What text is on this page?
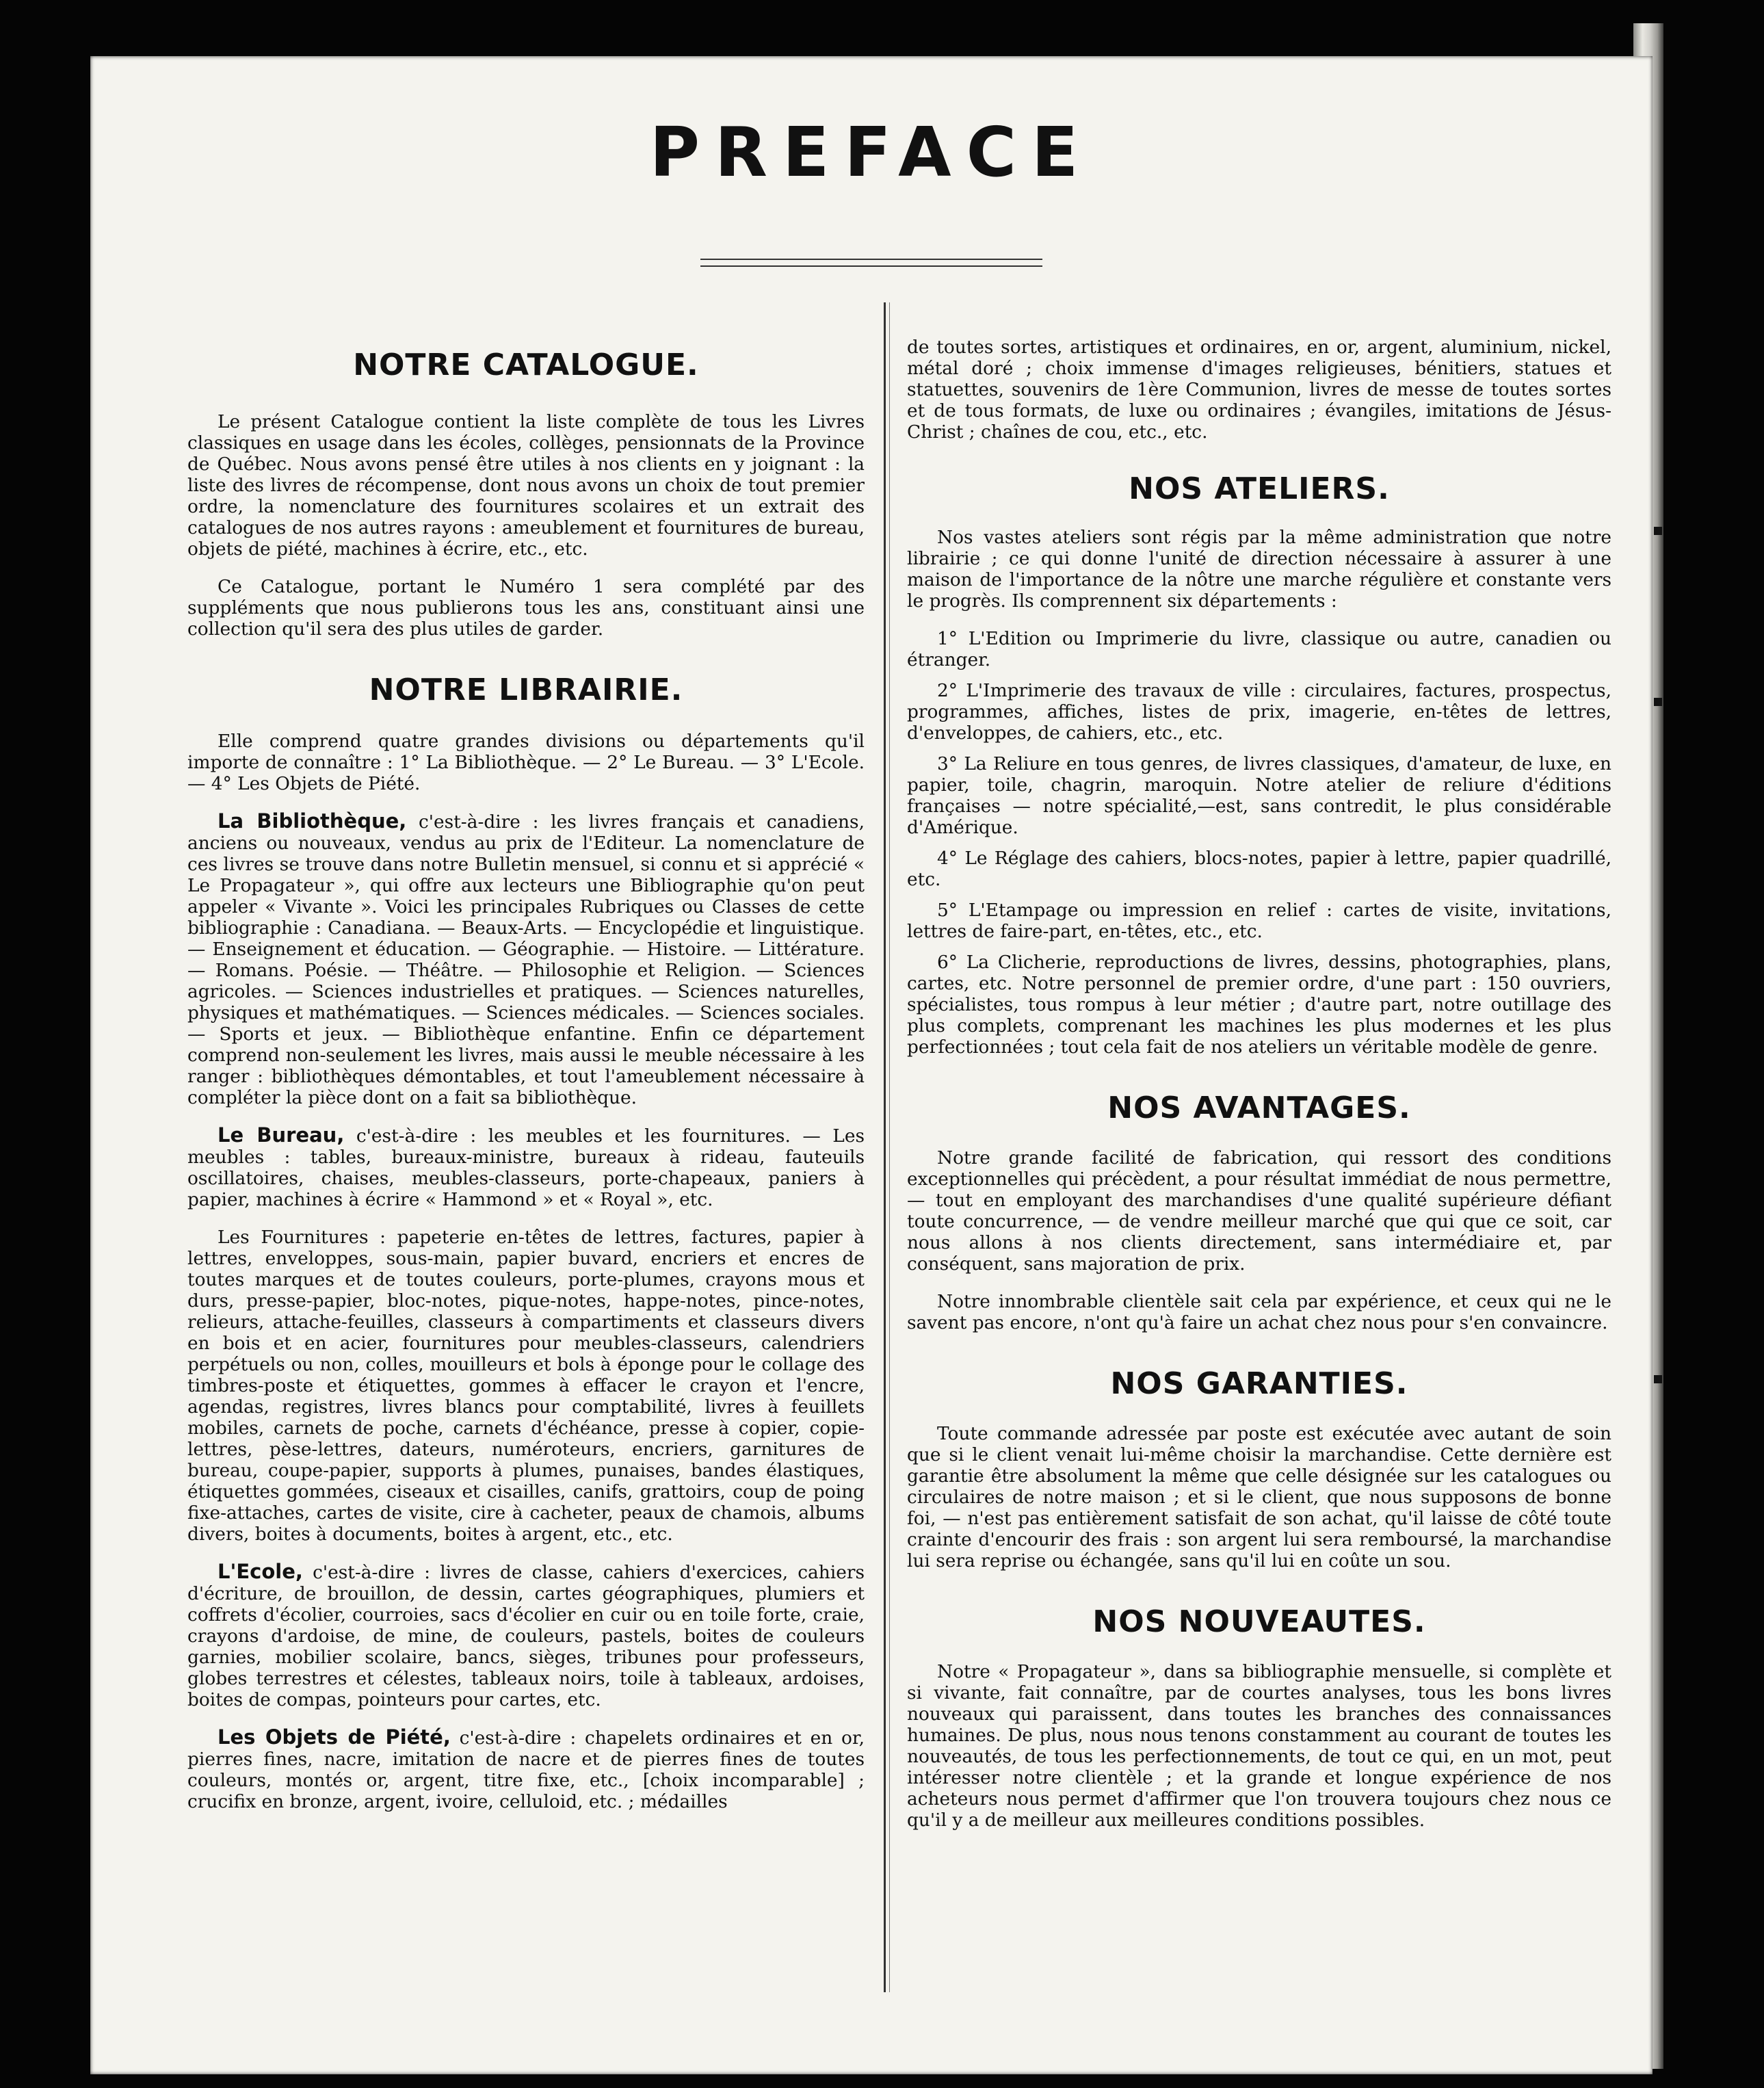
PREFACE
NOTRE CATALOGUE.

Le présent Catalogue contient la liste complète de tous les Livres classiques en usage dans les écoles, collèges, pensionnats de la Province de Québec. Nous avons pensé être utiles à nos clients en y joignant : la liste des livres de récompense, dont nous avons un choix de tout premier ordre, la nomenclature des fournitures scolaires et un extrait des catalogues de nos autres rayons : ameublement et fournitures de bureau, objets de piété, machines à écrire, etc., etc.

Ce Catalogue, portant le Numéro 1 sera complété par des suppléments que nous publierons tous les ans, constituant ainsi une collection qu'il sera des plus utiles de garder.

NOTRE LIBRAIRIE.

Elle comprend quatre grandes divisions ou départements qu'il importe de connaître : 1° La Bibliothèque. — 2° Le Bureau. — 3° L'Ecole. — 4° Les Objets de Piété.

La Bibliothèque, c'est-à-dire : les livres français et canadiens, anciens ou nouveaux, vendus au prix de l'Editeur. La nomenclature de ces livres se trouve dans notre Bulletin mensuel, si connu et si apprécié « Le Propagateur », qui offre aux lecteurs une Bibliographie qu'on peut appeler « Vivante ». Voici les principales Rubriques ou Classes de cette bibliographie : Canadiana. — Beaux-Arts. — Encyclopédie et linguistique. — Enseignement et éducation. — Géographie. — Histoire. — Littérature. — Romans. Poésie. — Théâtre. — Philosophie et Religion. — Sciences agricoles. — Sciences industrielles et pratiques. — Sciences naturelles, physiques et mathématiques. — Sciences médicales. — Sciences sociales. — Sports et jeux. — Bibliothèque enfantine. Enfin ce département comprend non-seulement les livres, mais aussi le meuble nécessaire à les ranger : bibliothèques démontables, et tout l'ameublement nécessaire à compléter la pièce dont on a fait sa bibliothèque.

Le Bureau, c'est-à-dire : les meubles et les fournitures. — Les meubles : tables, bureaux-ministre, bureaux à rideau, fauteuils oscillatoires, chaises, meubles-classeurs, porte-chapeaux, paniers à papier, machines à écrire « Hammond » et « Royal », etc.

Les Fournitures : papeterie en-têtes de lettres, factures, papier à lettres, enveloppes, sous-main, papier buvard, encriers et encres de toutes marques et de toutes couleurs, porte-plumes, crayons mous et durs, presse-papier, bloc-notes, pique-notes, happe-notes, pince-notes, relieurs, attache-feuilles, classeurs à compartiments et classeurs divers en bois et en acier, fournitures pour meubles-classeurs, calendriers perpétuels ou non, colles, mouilleurs et bols à éponge pour le collage des timbres-poste et étiquettes, gommes à effacer le crayon et l'encre, agendas, registres, livres blancs pour comptabilité, livres à feuillets mobiles, carnets de poche, carnets d'échéance, presse à copier, copie-lettres, pèse-lettres, dateurs, numéroteurs, encriers, garnitures de bureau, coupe-papier, supports à plumes, punaises, bandes élastiques, étiquettes gommées, ciseaux et cisailles, canifs, grattoirs, coup de poing fixe-attaches, cartes de visite, cire à cacheter, peaux de chamois, albums divers, boites à documents, boites à argent, etc., etc.

L'Ecole, c'est-à-dire : livres de classe, cahiers d'exercices, cahiers d'écriture, de brouillon, de dessin, cartes géographiques, plumiers et coffrets d'écolier, courroies, sacs d'écolier en cuir ou en toile forte, craie, crayons d'ardoise, de mine, de couleurs, pastels, boites de couleurs garnies, mobilier scolaire, bancs, sièges, tribunes pour professeurs, globes terrestres et célestes, tableaux noirs, toile à tableaux, ardoises, boites de compas, pointeurs pour cartes, etc.

Les Objets de Piété, c'est-à-dire : chapelets ordinaires et en or, pierres fines, nacre, imitation de nacre et de pierres fines de toutes couleurs, montés or, argent, titre fixe, etc., [choix incomparable] ; crucifix en bronze, argent, ivoire, celluloid, etc. ; médailles

de toutes sortes, artistiques et ordinaires, en or, argent, aluminium, nickel, métal doré ; choix immense d'images religieuses, bénitiers, statues et statuettes, souvenirs de 1ère Communion, livres de messe de toutes sortes et de tous formats, de luxe ou ordinaires ; évangiles, imitations de Jésus-Christ ; chaînes de cou, etc., etc.

NOS ATELIERS.

Nos vastes ateliers sont régis par la même administration que notre librairie ; ce qui donne l'unité de direction nécessaire à assurer à une maison de l'importance de la nôtre une marche régulière et constante vers le progrès. Ils comprennent six départements :

1° L'Edition ou Imprimerie du livre, classique ou autre, canadien ou étranger.

2° L'Imprimerie des travaux de ville : circulaires, factures, prospectus, programmes, affiches, listes de prix, imagerie, en-têtes de lettres, d'enveloppes, de cahiers, etc., etc.

3° La Reliure en tous genres, de livres classiques, d'amateur, de luxe, en papier, toile, chagrin, maroquin. Notre atelier de reliure d'éditions françaises — notre spécialité,—est, sans contredit, le plus considérable d'Amérique.

4° Le Réglage des cahiers, blocs-notes, papier à lettre, papier quadrillé, etc.

5° L'Etampage ou impression en relief : cartes de visite, invitations, lettres de faire-part, en-têtes, etc., etc.

6° La Clicherie, reproductions de livres, dessins, photographies, plans, cartes, etc. Notre personnel de premier ordre, d'une part : 150 ouvriers, spécialistes, tous rompus à leur métier ; d'autre part, notre outillage des plus complets, comprenant les machines les plus modernes et les plus perfectionnées ; tout cela fait de nos ateliers un véritable modèle de genre.

NOS AVANTAGES.

Notre grande facilité de fabrication, qui ressort des conditions exceptionnelles qui précèdent, a pour résultat immédiat de nous permettre, — tout en employant des marchandises d'une qualité supérieure défiant toute concurrence, — de vendre meilleur marché que qui que ce soit, car nous allons à nos clients directement, sans intermédiaire et, par conséquent, sans majoration de prix.

Notre innombrable clientèle sait cela par expérience, et ceux qui ne le savent pas encore, n'ont qu'à faire un achat chez nous pour s'en convaincre.

NOS GARANTIES.

Toute commande adressée par poste est exécutée avec autant de soin que si le client venait lui-même choisir la marchandise. Cette dernière est garantie être absolument la même que celle désignée sur les catalogues ou circulaires de notre maison ; et si le client, que nous supposons de bonne foi, — n'est pas entièrement satisfait de son achat, qu'il laisse de côté toute crainte d'encourir des frais : son argent lui sera remboursé, la marchandise lui sera reprise ou échangée, sans qu'il lui en coûte un sou.

NOS NOUVEAUTES.

Notre « Propagateur », dans sa bibliographie mensuelle, si complète et si vivante, fait connaître, par de courtes analyses, tous les bons livres nouveaux qui paraissent, dans toutes les branches des connaissances humaines. De plus, nous nous tenons constamment au courant de toutes les nouveautés, de tous les perfectionnements, de tout ce qui, en un mot, peut intéresser notre clientèle ; et la grande et longue expérience de nos acheteurs nous permet d'affirmer que l'on trouvera toujours chez nous ce qu'il y a de meilleur aux meilleures conditions possibles.
